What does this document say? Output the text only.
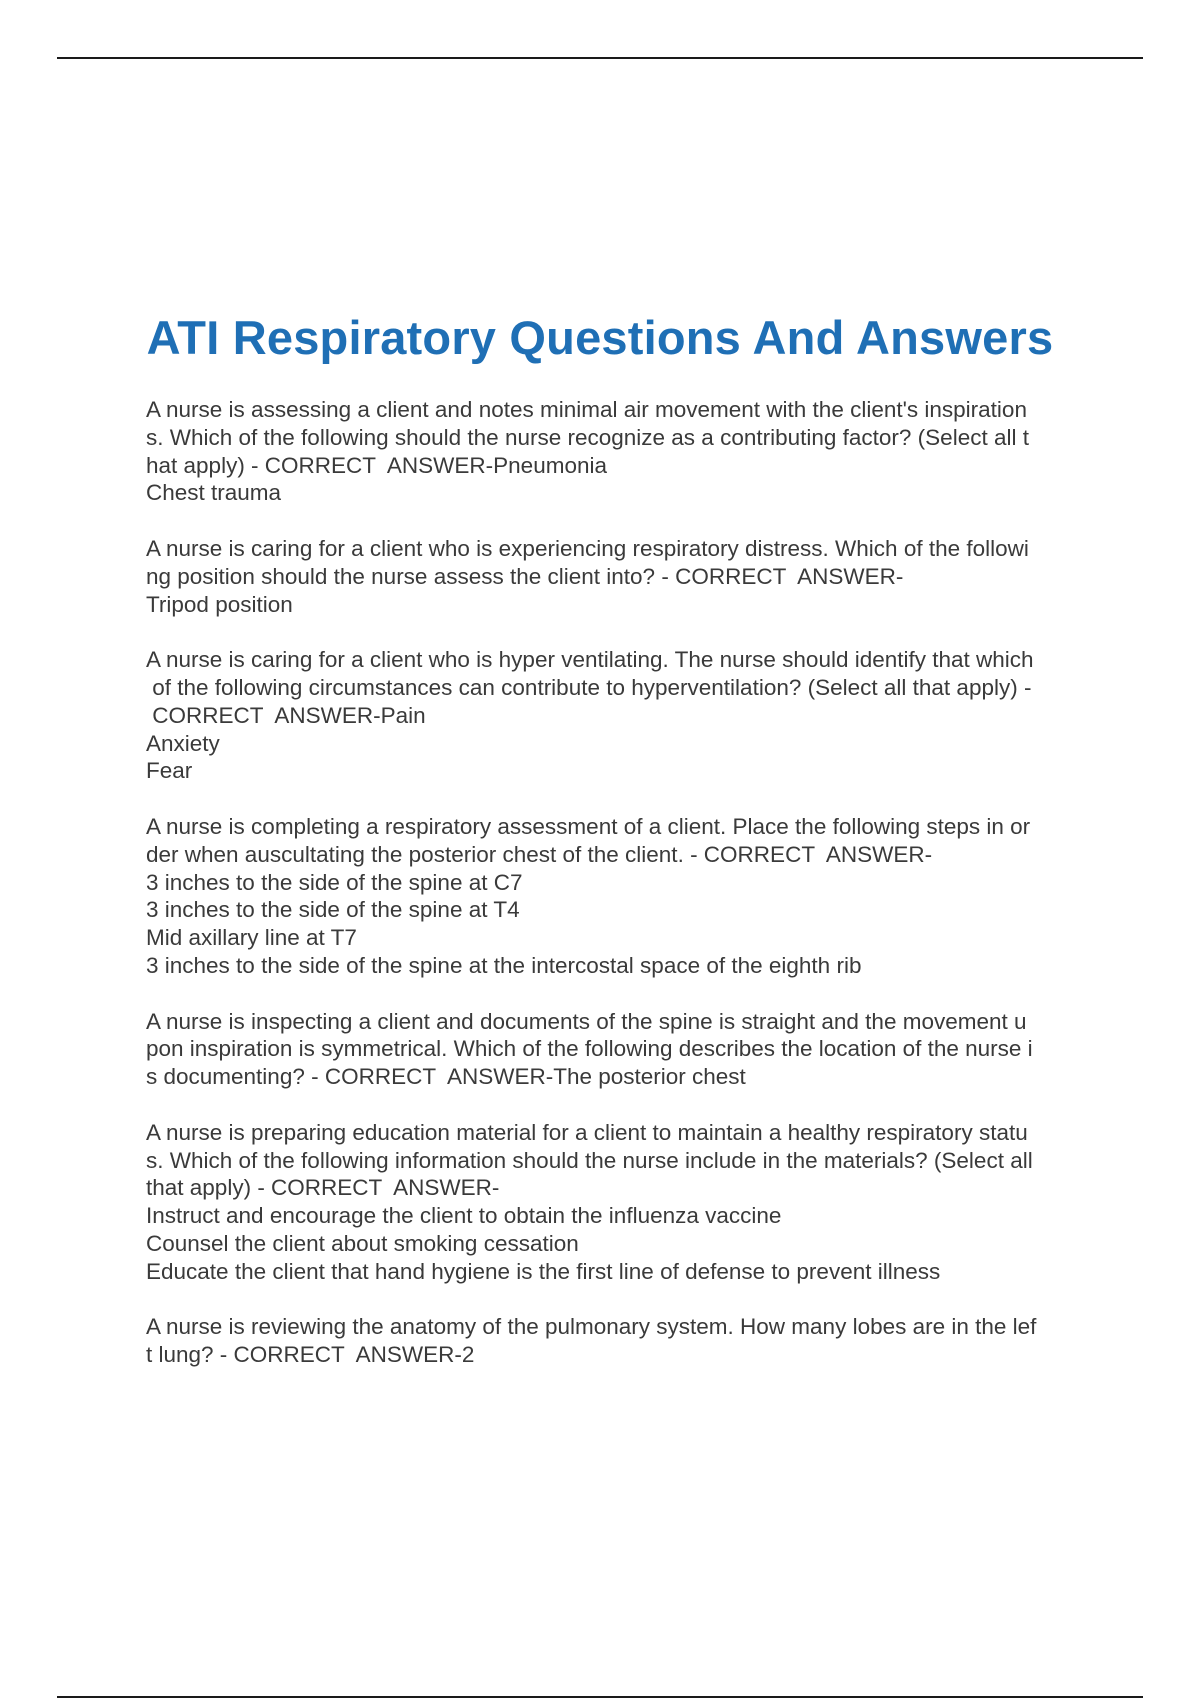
ATI Respiratory Questions And Answers
A nurse is assessing a client and notes minimal air movement with the client's inspiration
s. Which of the following should the nurse recognize as a contributing factor? (Select all t
hat apply) - CORRECT  ANSWER-Pneumonia
Chest trauma
A nurse is caring for a client who is experiencing respiratory distress. Which of the followi
ng position should the nurse assess the client into? - CORRECT  ANSWER-
Tripod position
A nurse is caring for a client who is hyper ventilating. The nurse should identify that which
of the following circumstances can contribute to hyperventilation? (Select all that apply) -
CORRECT  ANSWER-Pain
Anxiety
Fear
A nurse is completing a respiratory assessment of a client. Place the following steps in or
der when auscultating the posterior chest of the client. - CORRECT  ANSWER-
3 inches to the side of the spine at C7
3 inches to the side of the spine at T4
Mid axillary line at T7
3 inches to the side of the spine at the intercostal space of the eighth rib
A nurse is inspecting a client and documents of the spine is straight and the movement u
pon inspiration is symmetrical. Which of the following describes the location of the nurse i
s documenting? - CORRECT  ANSWER-The posterior chest
A nurse is preparing education material for a client to maintain a healthy respiratory statu
s. Which of the following information should the nurse include in the materials? (Select all
that apply) - CORRECT  ANSWER-
Instruct and encourage the client to obtain the influenza vaccine
Counsel the client about smoking cessation
Educate the client that hand hygiene is the first line of defense to prevent illness
A nurse is reviewing the anatomy of the pulmonary system. How many lobes are in the lef
t lung? - CORRECT  ANSWER-2
